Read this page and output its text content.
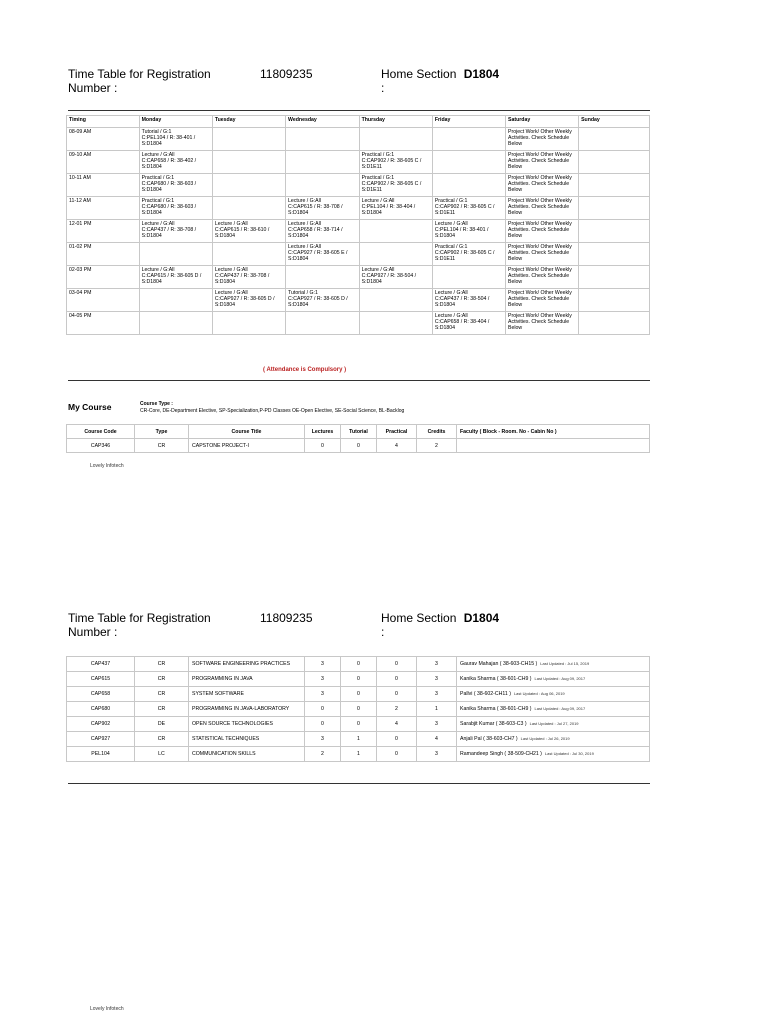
Time Table for Registration Number :
11809235	Home Section D1804
:
Timing	Monday	Tuesday	Wednesday	Thursday	Friday	Saturday	Sunday
08-09 AM	Tutorial / G:1
C:PEL104 / R: 38-401 / S:D1804					Project Work/ Other Weekly Activities. Check Schedule Below	
09-10 AM	Lecture / G:All
C:CAP658 / R: 38-402 / S:D1804			Practical / G:1
C:CAP902 / R: 38-605 C / S:D1E11		Project Work/ Other Weekly Activities. Check Schedule Below	
10-11 AM	Practical / G:1
C:CAP680 / R: 38-603 / S:D1804			Practical / G:1
C:CAP902 / R: 38-605 C / S:D1E11		Project Work/ Other Weekly Activities. Check Schedule Below	
11-12 AM	Practical / G:1
C:CAP680 / R: 38-603 / S:D1804		Lecture / G:All
C:CAP615 / R: 38-708 / S:D1804	Lecture / G:All
C:PEL104 / R: 38-404 / S:D1804	Practical / G:1
C:CAP902 / R: 38-605 C / S:D1E11	Project Work/ Other Weekly Activities. Check Schedule Below	
12-01 PM	Lecture / G:All
C:CAP437 / R: 38-708 / S:D1804	Lecture / G:All
C:CAP615 / R: 38-610 / S:D1804	Lecture / G:All
C:CAP658 / R: 38-714 / S:D1804		Lecture / G:All
C:PEL104 / R: 38-401 / S:D1804	Project Work/ Other Weekly Activities. Check Schedule Below	
01-02 PM			Lecture / G:All
C:CAP927 / R: 38-605 E / S:D1804		Practical / G:1
C:CAP902 / R: 38-605 C / S:D1E11	Project Work/ Other Weekly Activities. Check Schedule Below	
02-03 PM	Lecture / G:All
C:CAP615 / R: 38-605 D / S:D1804	Lecture / G:All
C:CAP437 / R: 38-708 / S:D1804		Lecture / G:All
C:CAP927 / R: 38-504 / S:D1804		Project Work/ Other Weekly Activities. Check Schedule Below	
03-04 PM		Lecture / G:All
C:CAP927 / R: 38-605 D / S:D1804	Tutorial / G:1
C:CAP927 / R: 38-605 D / S:D1804		Lecture / G:All
C:CAP437 / R: 38-504 / S:D1804	Project Work/ Other Weekly Activities. Check Schedule Below	
04-05 PM					Lecture / G:All
C:CAP658 / R: 38-404 / S:D1804	Project Work/ Other Weekly Activities. Check Schedule Below	
( Attendance is Compulsory )
My Course	Course Type :
CR-Core, DE-Department Elective, SP-Specialization,P-PD Classes OE-Open Elective, SE-Social Science, BL-Backlog
Course Code	Type	Course Title	Lectures	Tutorial	Practical	Credits	Faculty ( Block - Room. No - Cabin No )
CAP346	CR	CAPSTONE PROJECT-I	0	0	4	2	
Lovely Infotech
Time Table for Registration Number :
11809235	Home Section D1804
:
CAP437	CR	SOFTWARE ENGINEERING PRACTICES	3	0	0	3	Gaurav Mahajan ( 38-603-CH15 ) Last Updated : Jul 15, 2019
CAP615	CR	PROGRAMMING IN JAVA	3	0	0	3	Kanika Sharma ( 38-601-CH9 ) Last Updated : Aug 09, 2017
CAP658	CR	SYSTEM SOFTWARE	3	0	0	3	Pallvi ( 38-602-CH11 ) Last Updated : Aug 06, 2019
CAP680	CR	PROGRAMMING IN JAVA-LABORATORY	0	0	2	1	Kanika Sharma ( 38-601-CH9 ) Last Updated : Aug 09, 2017
CAP902	DE	OPEN SOURCE TECHNOLOGIES	0	0	4	3	Sarabjit Kumar ( 38-603-C3 ) Last Updated : Jul 27, 2019
CAP927	CR	STATISTICAL TECHNIQUES	3	1	0	4	Anjali Pal ( 38-603-CH7 ) Last Updated : Jul 26, 2019
PEL104	LC	COMMUNICATION SKILLS	2	1	0	3	Ramandeep Singh ( 38-509-CH21 ) Last Updated : Jul 30, 2019
Lovely Infotech
